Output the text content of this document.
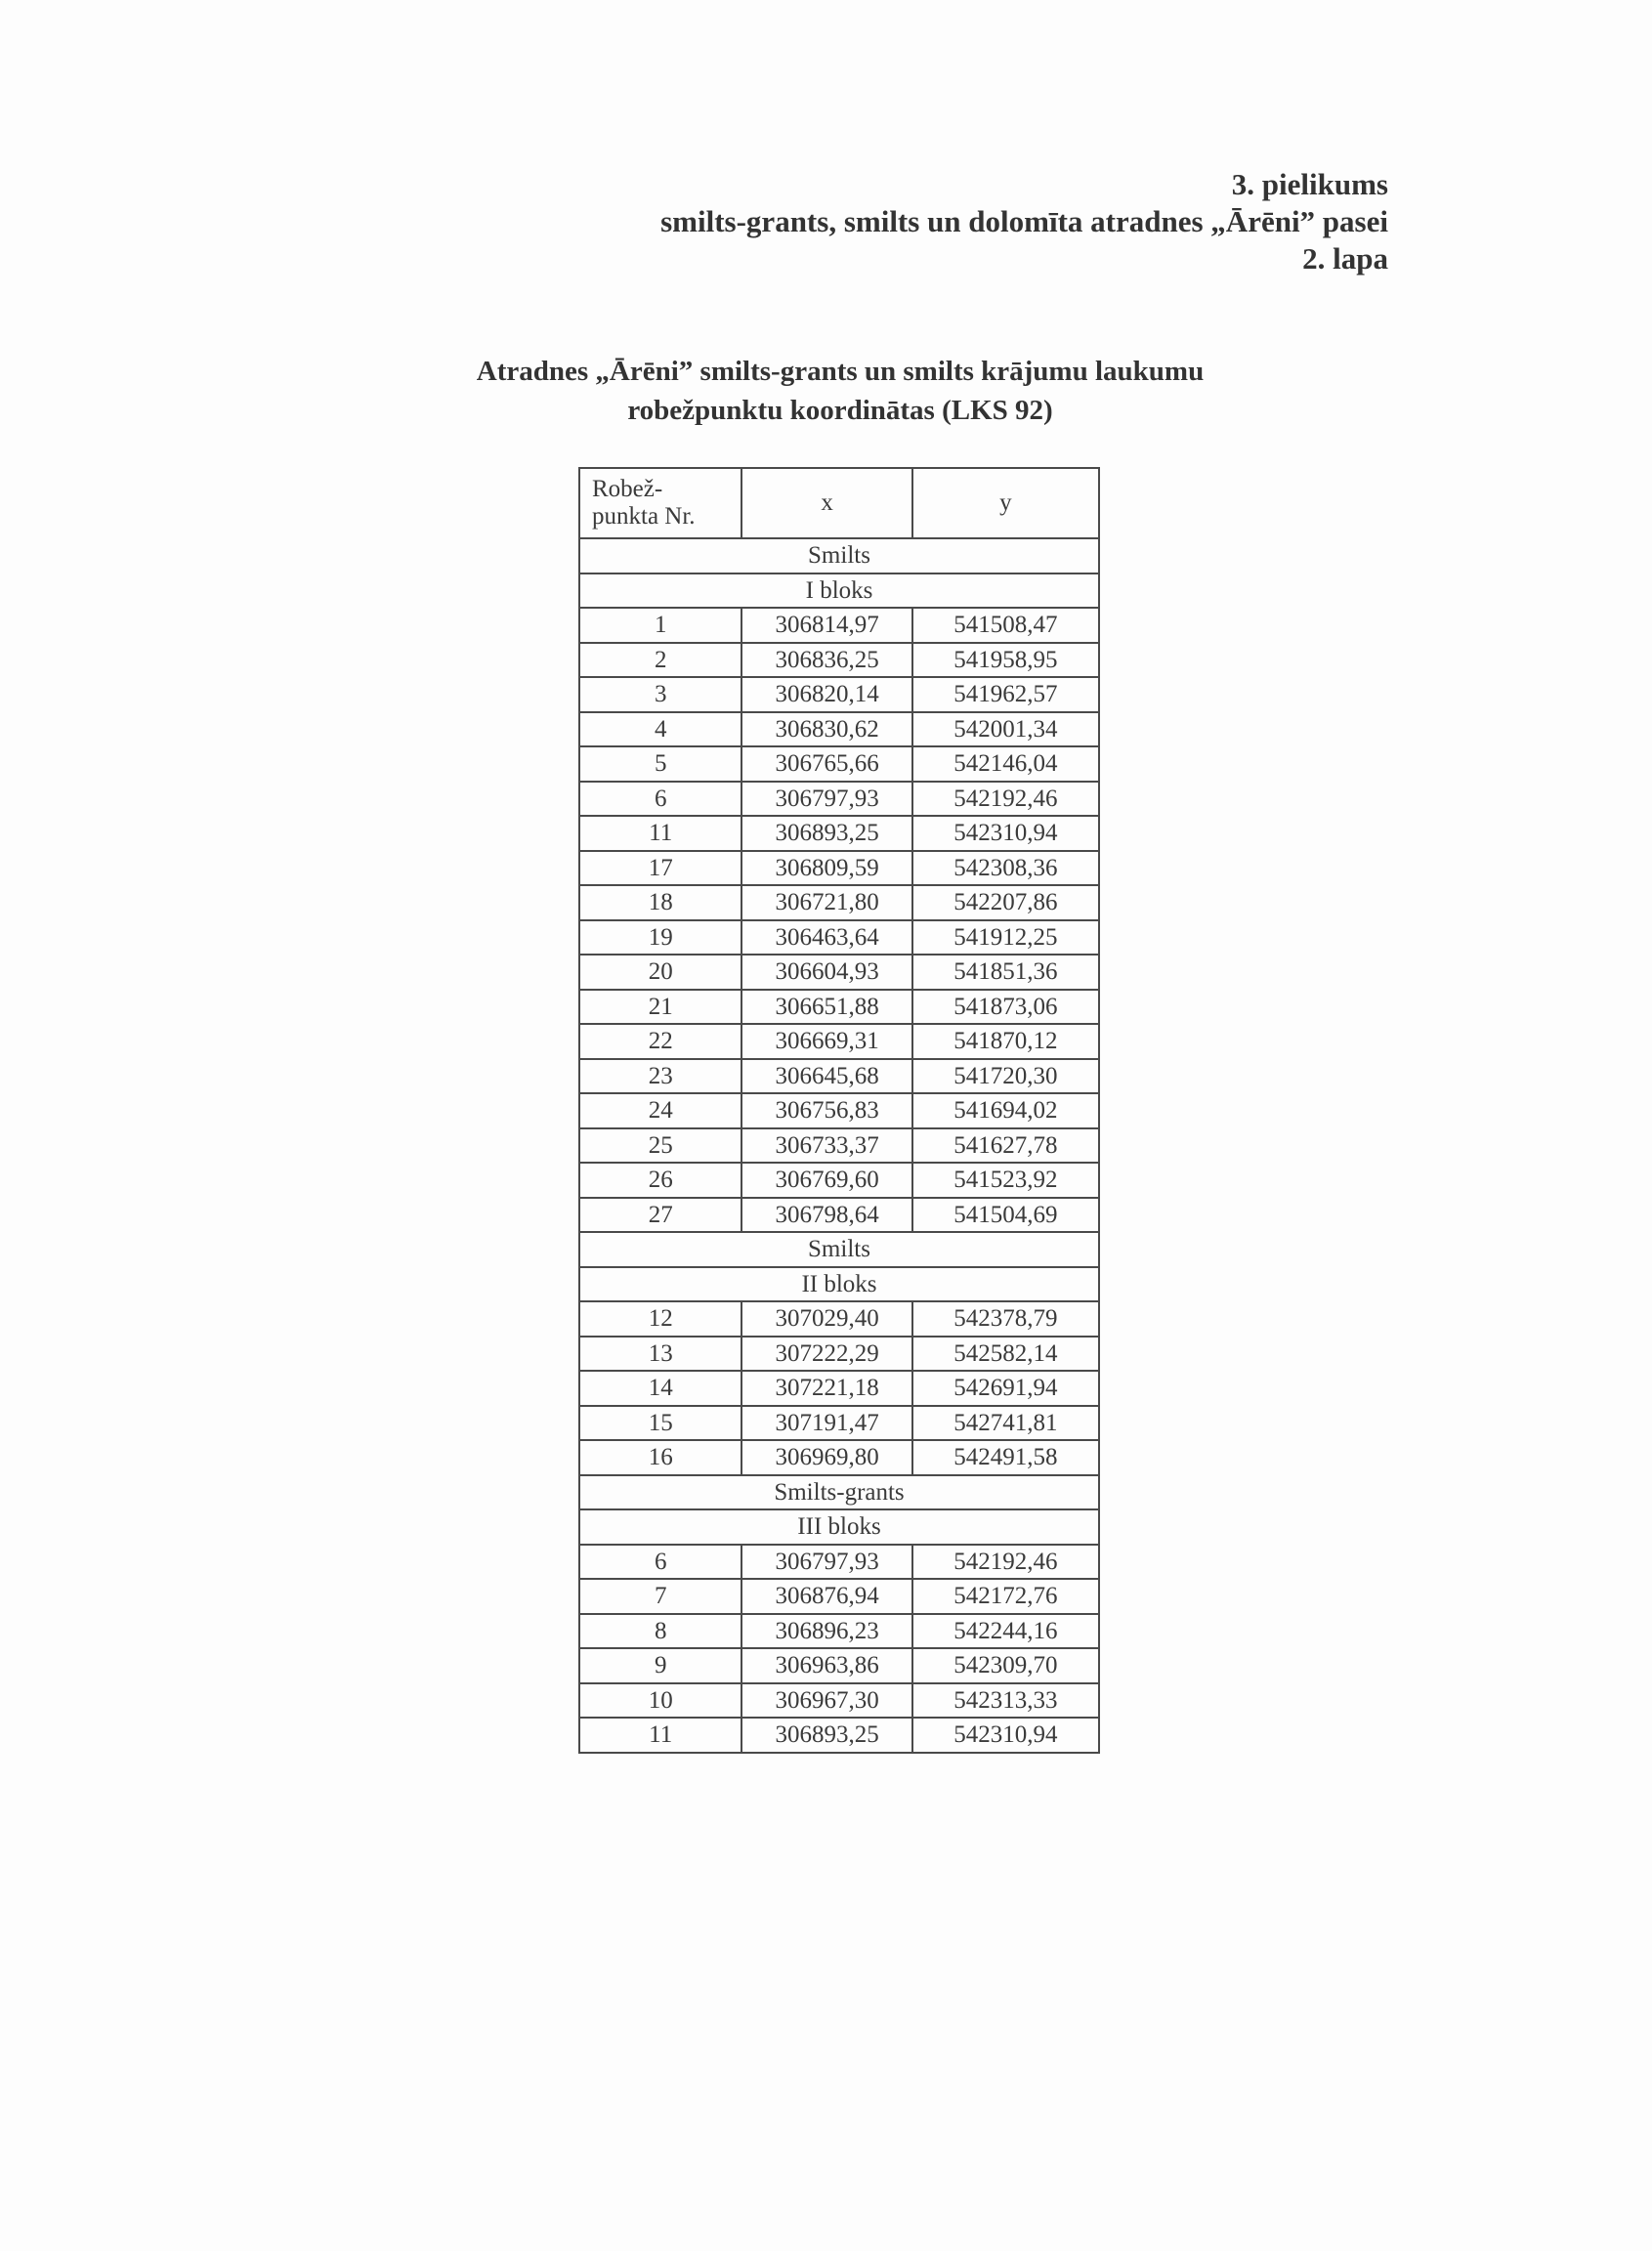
3. pielikums
smilts-grants, smilts un dolomīta atradnes „Ārēni” pasei
2. lapa
Atradnes „Ārēni” smilts-grants un smilts krājumu laukumu
robežpunktu koordinātas (LKS 92)
Robež-
punkta Nr.	x	y
Smilts		
I bloks		
1	306814,97	541508,47
2	306836,25	541958,95
3	306820,14	541962,57
4	306830,62	542001,34
5	306765,66	542146,04
6	306797,93	542192,46
11	306893,25	542310,94
17	306809,59	542308,36
18	306721,80	542207,86
19	306463,64	541912,25
20	306604,93	541851,36
21	306651,88	541873,06
22	306669,31	541870,12
23	306645,68	541720,30
24	306756,83	541694,02
25	306733,37	541627,78
26	306769,60	541523,92
27	306798,64	541504,69
Smilts		
II bloks		
12	307029,40	542378,79
13	307222,29	542582,14
14	307221,18	542691,94
15	307191,47	542741,81
16	306969,80	542491,58
Smilts-grants		
III bloks		
6	306797,93	542192,46
7	306876,94	542172,76
8	306896,23	542244,16
9	306963,86	542309,70
10	306967,30	542313,33
11	306893,25	542310,94
